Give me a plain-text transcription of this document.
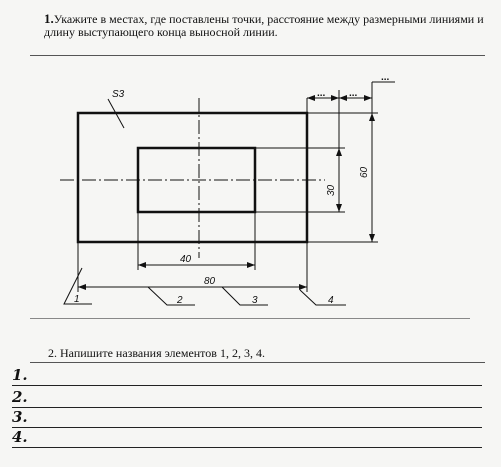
1.Укажите в местах, где поставлены точки, расстояние между размерными линиями и длину выступающего конца выносной линии.
S3
40
80
30
60
... ...
...
1	2	3	4
2. Напишите названия элементов 1, 2, 3, 4.
1.
2.
3.
4.
